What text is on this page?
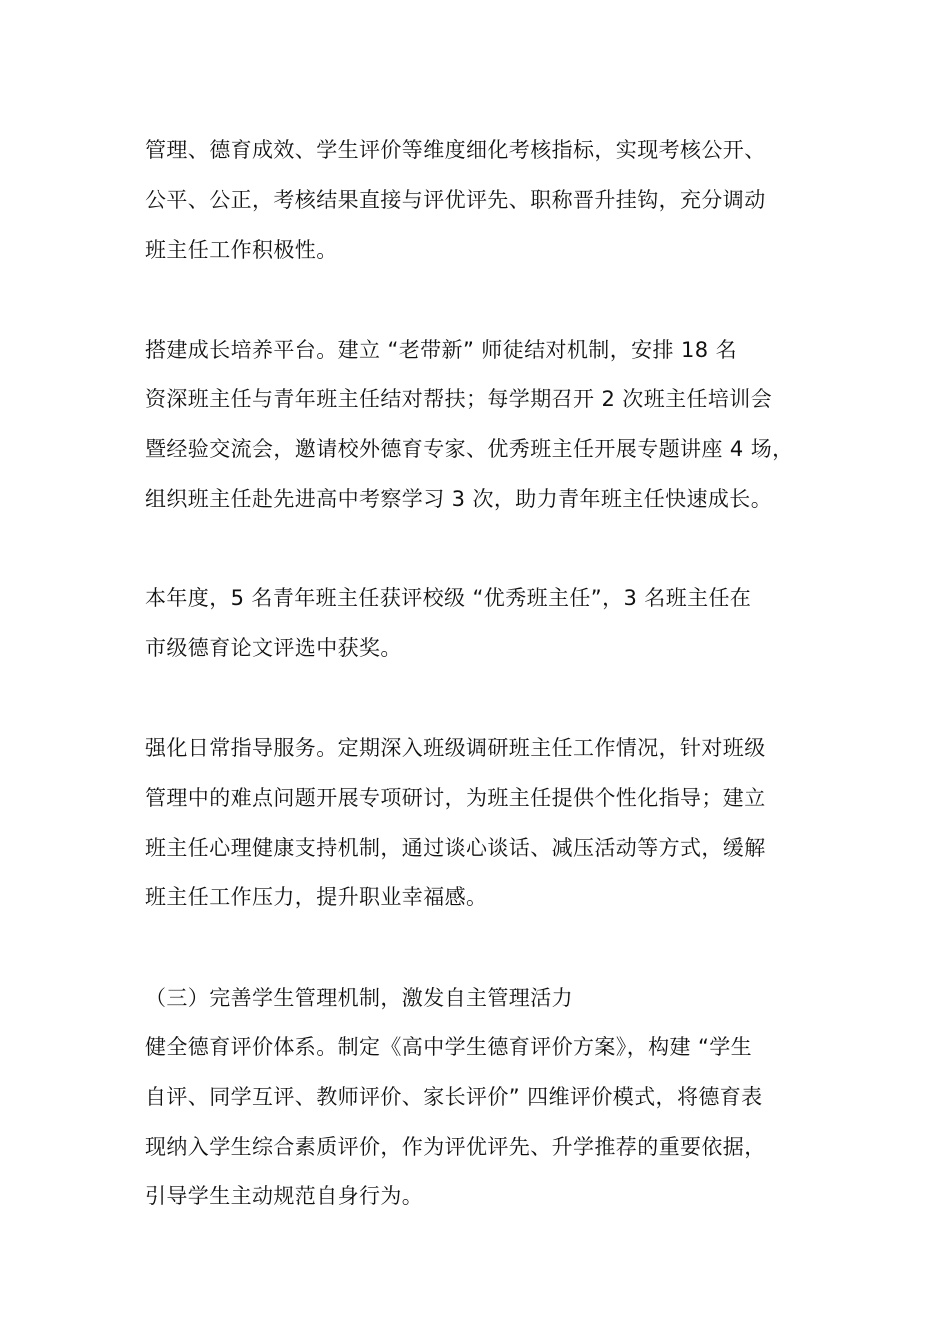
管理、德育成效、学生评价等维度细化考核指标，实现考核公开、
公平、公正，考核结果直接与评优评先、职称晋升挂钩，充分调动
班主任工作积极性。
搭建成长培养平台。建立 “老带新” 师徒结对机制，安排 18 名
资深班主任与青年班主任结对帮扶；每学期召开 2 次班主任培训会
暨经验交流会，邀请校外德育专家、优秀班主任开展专题讲座 4 场，
组织班主任赴先进高中考察学习 3 次，助力青年班主任快速成长。
本年度，5 名青年班主任获评校级 “优秀班主任”，3 名班主任在
市级德育论文评选中获奖。
强化日常指导服务。定期深入班级调研班主任工作情况，针对班级
管理中的难点问题开展专项研讨，为班主任提供个性化指导；建立
班主任心理健康支持机制，通过谈心谈话、减压活动等方式，缓解
班主任工作压力，提升职业幸福感。
（三）完善学生管理机制，激发自主管理活力
健全德育评价体系。制定《高中学生德育评价方案》，构建 “学生
自评、同学互评、教师评价、家长评价” 四维评价模式，将德育表
现纳入学生综合素质评价，作为评优评先、升学推荐的重要依据，
引导学生主动规范自身行为。
